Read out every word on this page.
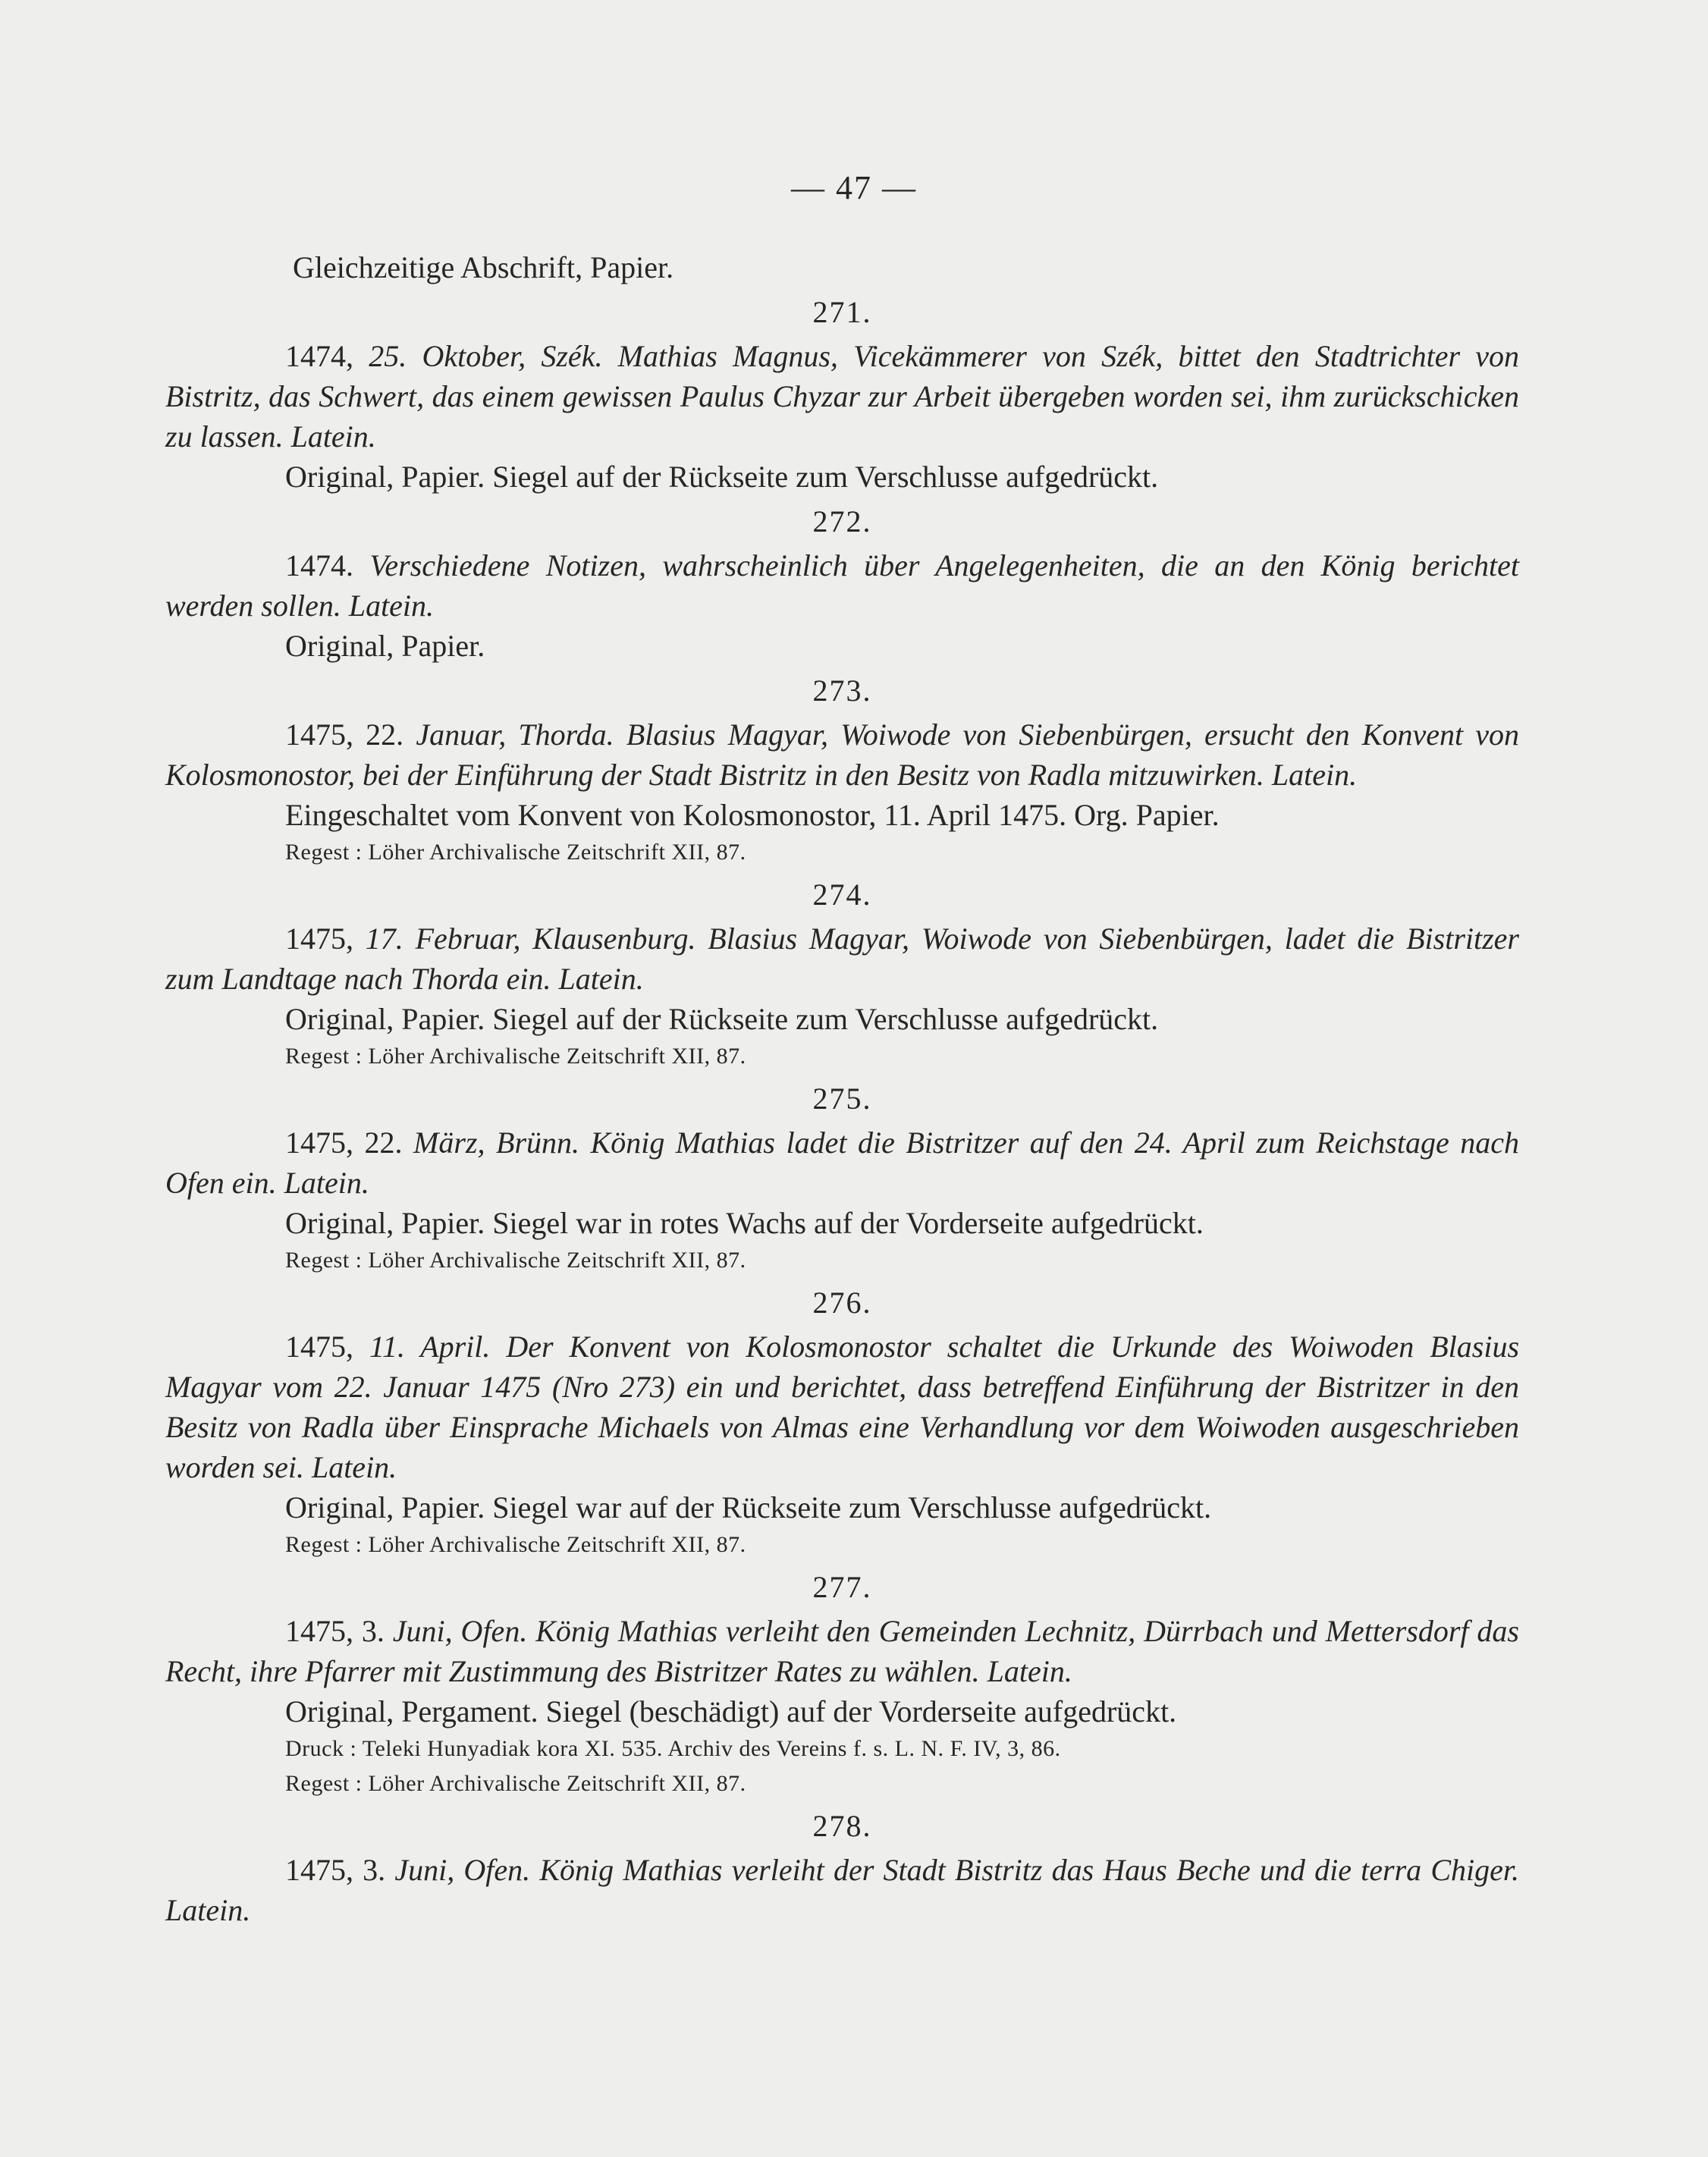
— 47 —

Gleichzeitige Abschrift, Papier.

271.

1474, 25. Oktober, Szék. Mathias Magnus, Vicekämmerer von Szék, bittet den Stadtrichter von Bistritz, das Schwert, das einem gewissen Paulus Chyzar zur Arbeit übergeben worden sei, ihm zurückschicken zu lassen. Latein.

Original, Papier. Siegel auf der Rückseite zum Verschlusse aufgedrückt.

272.

1474. Verschiedene Notizen, wahrscheinlich über Angelegenheiten, die an den König berichtet werden sollen. Latein.

Original, Papier.

273.

1475, 22. Januar, Thorda. Blasius Magyar, Woiwode von Siebenbürgen, ersucht den Konvent von Kolosmonostor, bei der Einführung der Stadt Bistritz in den Besitz von Radla mitzuwirken. Latein.

Eingeschaltet vom Konvent von Kolosmonostor, 11. April 1475. Org. Papier.

Regest : Löher Archivalische Zeitschrift XII, 87.

274.

1475, 17. Februar, Klausenburg. Blasius Magyar, Woiwode von Siebenbürgen, ladet die Bistritzer zum Landtage nach Thorda ein. Latein.

Original, Papier. Siegel auf der Rückseite zum Verschlusse aufgedrückt.

Regest : Löher Archivalische Zeitschrift XII, 87.

275.

1475, 22. März, Brünn. König Mathias ladet die Bistritzer auf den 24. April zum Reichstage nach Ofen ein. Latein.

Original, Papier. Siegel war in rotes Wachs auf der Vorderseite aufgedrückt.

Regest : Löher Archivalische Zeitschrift XII, 87.

276.

1475, 11. April. Der Konvent von Kolosmonostor schaltet die Urkunde des Woiwoden Blasius Magyar vom 22. Januar 1475 (Nro 273) ein und berichtet, dass betreffend Einführung der Bistritzer in den Besitz von Radla über Einsprache Michaels von Almas eine Verhandlung vor dem Woiwoden ausgeschrieben worden sei. Latein.

Original, Papier. Siegel war auf der Rückseite zum Verschlusse aufgedrückt.

Regest : Löher Archivalische Zeitschrift XII, 87.

277.

1475, 3. Juni, Ofen. König Mathias verleiht den Gemeinden Lechnitz, Dürrbach und Mettersdorf das Recht, ihre Pfarrer mit Zustimmung des Bistritzer Rates zu wählen. Latein.

Original, Pergament. Siegel (beschädigt) auf der Vorderseite aufgedrückt.

Druck : Teleki Hunyadiak kora XI. 535. Archiv des Vereins f. s. L. N. F. IV, 3, 86.

Regest : Löher Archivalische Zeitschrift XII, 87.

278.

1475, 3. Juni, Ofen. König Mathias verleiht der Stadt Bistritz das Haus Beche und die terra Chiger. Latein.
